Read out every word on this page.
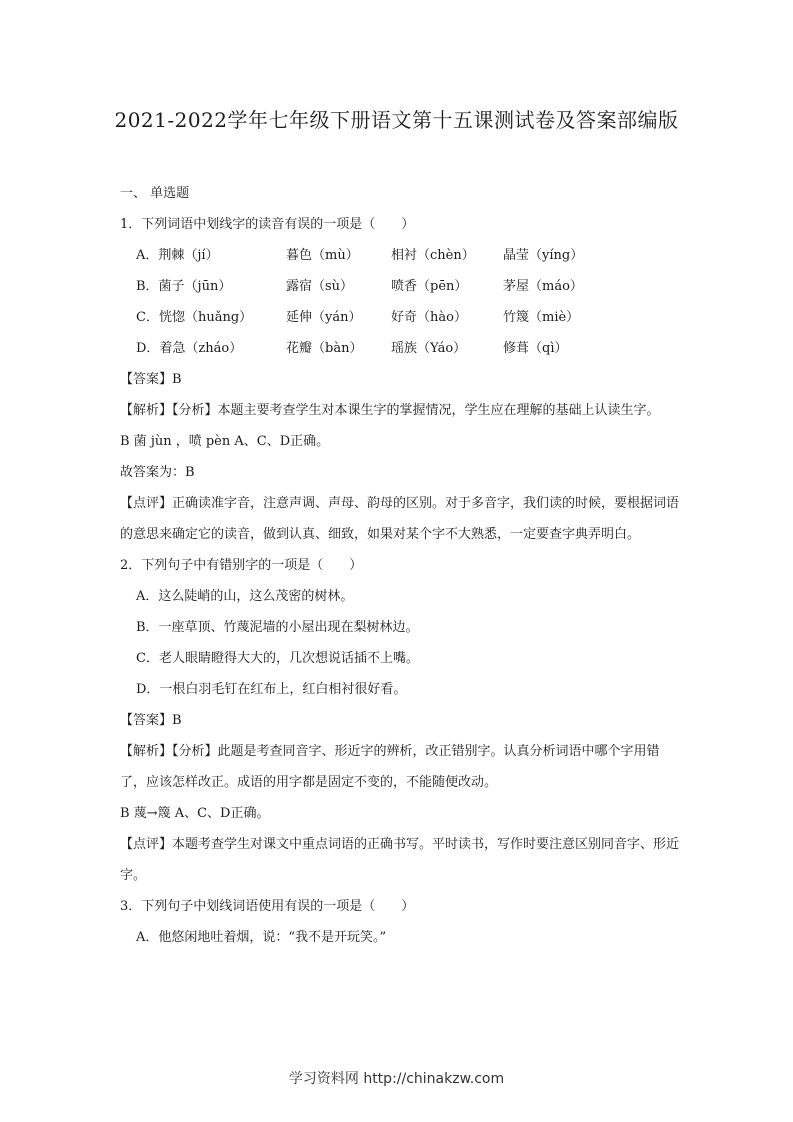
2021-2022学年七年级下册语文第十五课测试卷及答案部编版
一、 单选题
1．下列词语中划线字的读音有误的一项是（　　）
A．荆棘（jí）	暮色（mù）	相衬（chèn）	晶莹（yíng）
B．菌子（jūn）	露宿（sù）	喷香（pēn）	茅屋（máo）
C．恍惚（huǎng）	延伸（yán）	好奇（hào）	竹篾（miè）
D．着急（zháo）	花瓣（bàn）	瑶族（Yáo）	修葺（qì）
【答案】B
【解析】【分析】本题主要考查学生对本课生字的掌握情况，学生应在理解的基础上认读生字。
B 菌 jùn ，喷 pèn A、C、D正确。
故答案为：B
【点评】正确读准字音，注意声调、声母、韵母的区别。对于多音字，我们读的时候，要根据词语的意思来确定它的读音，做到认真、细致，如果对某个字不大熟悉，一定要查字典弄明白。
2．下列句子中有错别字的一项是（　　）
A．这么陡峭的山，这么茂密的树林。
B．一座草顶、竹蔑泥墙的小屋出现在梨树林边。
C．老人眼睛瞪得大大的，几次想说话插不上嘴。
D．一根白羽毛钉在红布上，红白相衬很好看。
【答案】B
【解析】【分析】此题是考查同音字、形近字的辨析，改正错别字。认真分析词语中哪个字用错了，应该怎样改正。成语的用字都是固定不变的，不能随便改动。
B 蔑→篾 A、C、D正确。
【点评】本题考查学生对课文中重点词语的正确书写。平时读书，写作时要注意区别同音字、形近字。
3．下列句子中划线词语使用有误的一项是（　　）
A．他悠闲地吐着烟，说：“我不是开玩笑。”
学习资料网 http://chinakzw.com
